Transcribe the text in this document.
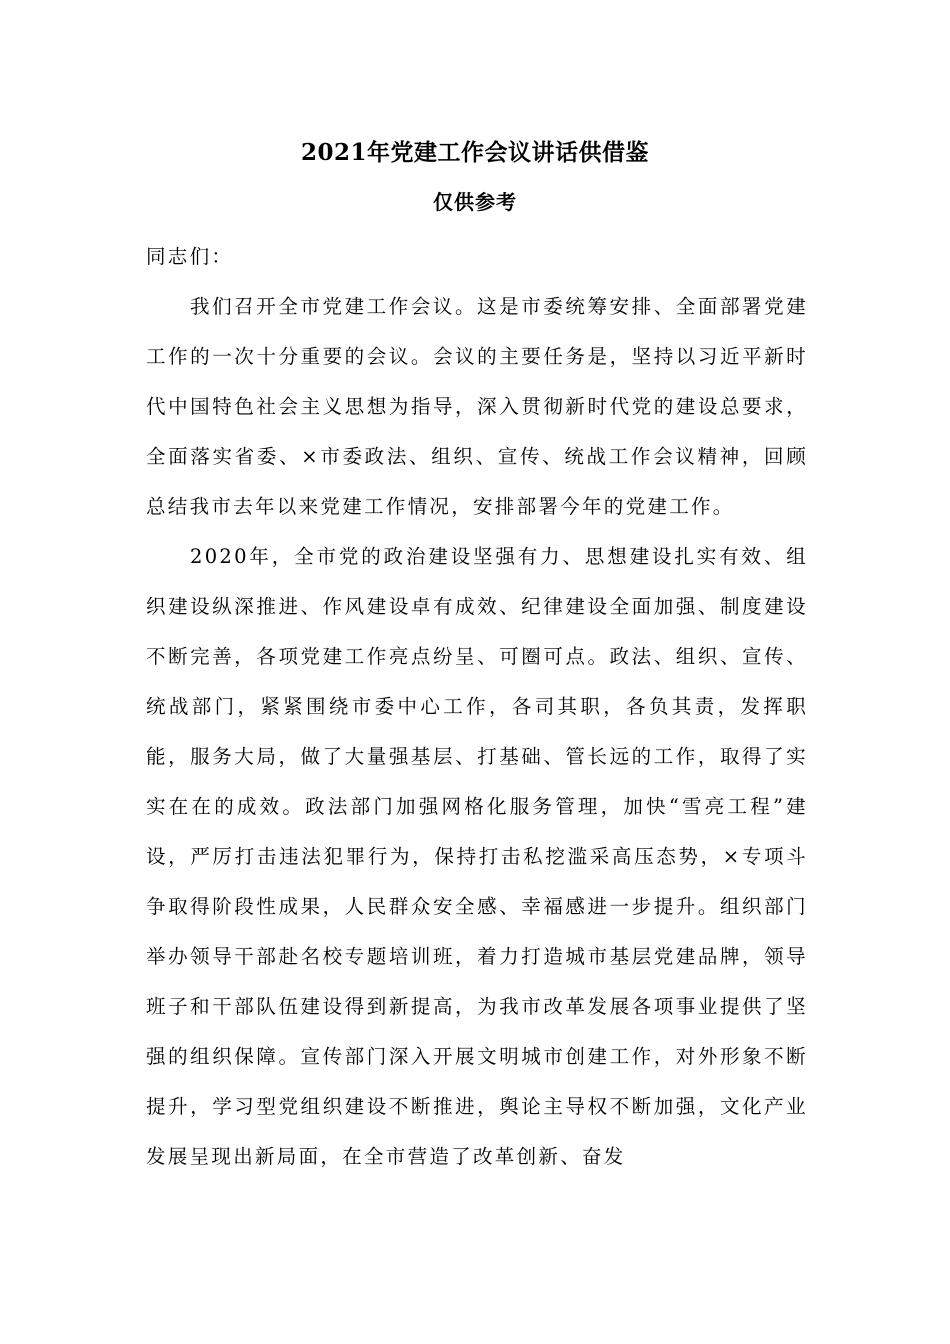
2021年党建工作会议讲话供借鉴
仅供参考

同志们：

我们召开全市党建工作会议。这是市委统筹安排、全面部署党建工作的一次十分重要的会议。会议的主要任务是，坚持以习近平新时代中国特色社会主义思想为指导，深入贯彻新时代党的建设总要求，全面落实省委、×市委政法、组织、宣传、统战工作会议精神，回顾总结我市去年以来党建工作情况，安排部署今年的党建工作。

2020年，全市党的政治建设坚强有力、思想建设扎实有效、组织建设纵深推进、作风建设卓有成效、纪律建设全面加强、制度建设不断完善，各项党建工作亮点纷呈、可圈可点。政法、组织、宣传、统战部门，紧紧围绕市委中心工作，各司其职，各负其责，发挥职能，服务大局，做了大量强基层、打基础、管长远的工作，取得了实实在在的成效。政法部门加强网格化服务管理，加快“雪亮工程”建设，严厉打击违法犯罪行为，保持打击私挖滥采高压态势，×专项斗争取得阶段性成果，人民群众安全感、幸福感进一步提升。组织部门举办领导干部赴名校专题培训班，着力打造城市基层党建品牌，领导班子和干部队伍建设得到新提高，为我市改革发展各项事业提供了坚强的组织保障。宣传部门深入开展文明城市创建工作，对外形象不断提升，学习型党组织建设不断推进，舆论主导权不断加强，文化产业发展呈现出新局面，在全市营造了改革创新、奋发
